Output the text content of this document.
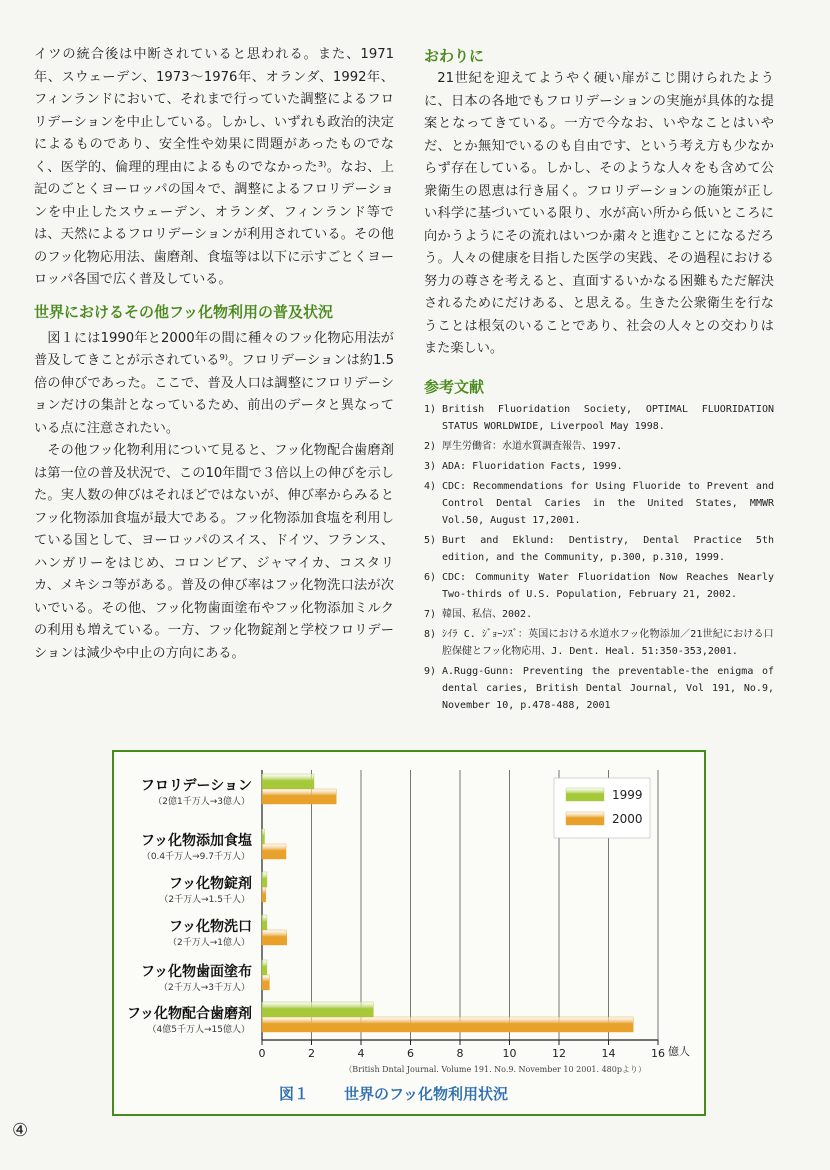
イツの統合後は中断されていると思われる。また、1971年、スウェーデン、1973〜1976年、オランダ、1992年、フィンランドにおいて、それまで行っていた調整によるフロリデーションを中止している。しかし、いずれも政治的決定によるものであり、安全性や効果に問題があったものでなく、医学的、倫理的理由によるものでなかった³⁾。なお、上記のごとくヨーロッパの国々で、調整によるフロリデーションを中止したスウェーデン、オランダ、フィンランド等では、天然によるフロリデーションが利用されている。その他のフッ化物応用法、歯磨剤、食塩等は以下に示すごとくヨーロッパ各国で広く普及している。

世界におけるその他フッ化物利用の普及状況

図１には1990年と2000年の間に種々のフッ化物応用法が普及してきことが示されている⁹⁾。フロリデーションは約1.5倍の伸びであった。ここで、普及人口は調整にフロリデーションだけの集計となっているため、前出のデータと異なっている点に注意されたい。

その他フッ化物利用について見ると、フッ化物配合歯磨剤は第一位の普及状況で、この10年間で３倍以上の伸びを示した。実人数の伸びはそれほどではないが、伸び率からみるとフッ化物添加食塩が最大である。フッ化物添加食塩を利用している国として、ヨーロッパのスイス、ドイツ、フランス、ハンガリーをはじめ、コロンビア、ジャマイカ、コスタリカ、メキシコ等がある。普及の伸び率はフッ化物洗口法が次いでいる。その他、フッ化物歯面塗布やフッ化物添加ミルクの利用も増えている。一方、フッ化物錠剤と学校フロリデーションは減少や中止の方向にある。

おわりに

21世紀を迎えてようやく硬い扉がこじ開けられたように、日本の各地でもフロリデーションの実施が具体的な提案となってきている。一方で今なお、いやなことはいやだ、とか無知でいるのも自由です、という考え方も少なからず存在している。しかし、そのような人々をも含めて公衆衛生の恩恵は行き届く。フロリデーションの施策が正しい科学に基づいている限り、水が高い所から低いところに向かうようにその流れはいつか粛々と進むことになるだろう。人々の健康を目指した医学の実践、その過程における努力の尊さを考えると、直面するいかなる困難もただ解決されるためにだけある、と思える。生きた公衆衛生を行なうことは根気のいることであり、社会の人々との交わりはまた楽しい。

参考文献
1) British Fluoridation Society, OPTIMAL FLUORIDATION STATUS WORLDWIDE, Liverpool May 1998.
2) 厚生労働省：水道水質調査報告、1997.
3) ADA: Fluoridation Facts, 1999.
4) CDC: Recommendations for Using Fluoride to Prevent and Control Dental Caries in the United States, MMWR Vol.50, August 17,2001.
5) Burt and Eklund: Dentistry, Dental Practice 5th edition, and the Community, p.300, p.310, 1999.
6) CDC: Community Water Fluoridation Now Reaches Nearly Two-thirds of U.S. Population, February 21, 2002.
7) 韓国、私信、2002.
8) ｼｲﾗ C. ｼﾞｮｰﾝｽﾞ：英国における水道水フッ化物添加／21世紀における口腔保健とフッ化物応用、J. Dent. Heal. 51:350-353,2001.
9) A.Rugg-Gunn: Preventing the preventable-the enigma of dental caries, British Dental Journal, Vol 191, No.9, November 10, p.478-488, 2001
フロリデーション
（2億1千万人→3億人）
フッ化物添加食塩
（0.4千万人→9.7千万人）
フッ化物錠剤
（2千万人→1.5千人）
フッ化物洗口
（2千万人→1億人）
フッ化物歯面塗布
（2千万人→3千万人）
フッ化物配合歯磨剤
（4億5千万人→15億人）
0	2	4	6	8	10	12	14	16
1999
2000
億人
（British Dntal Journal. Volume 191. No.9. November 10 2001. 480pより）
図１ 世界のフッ化物利用状況
④
